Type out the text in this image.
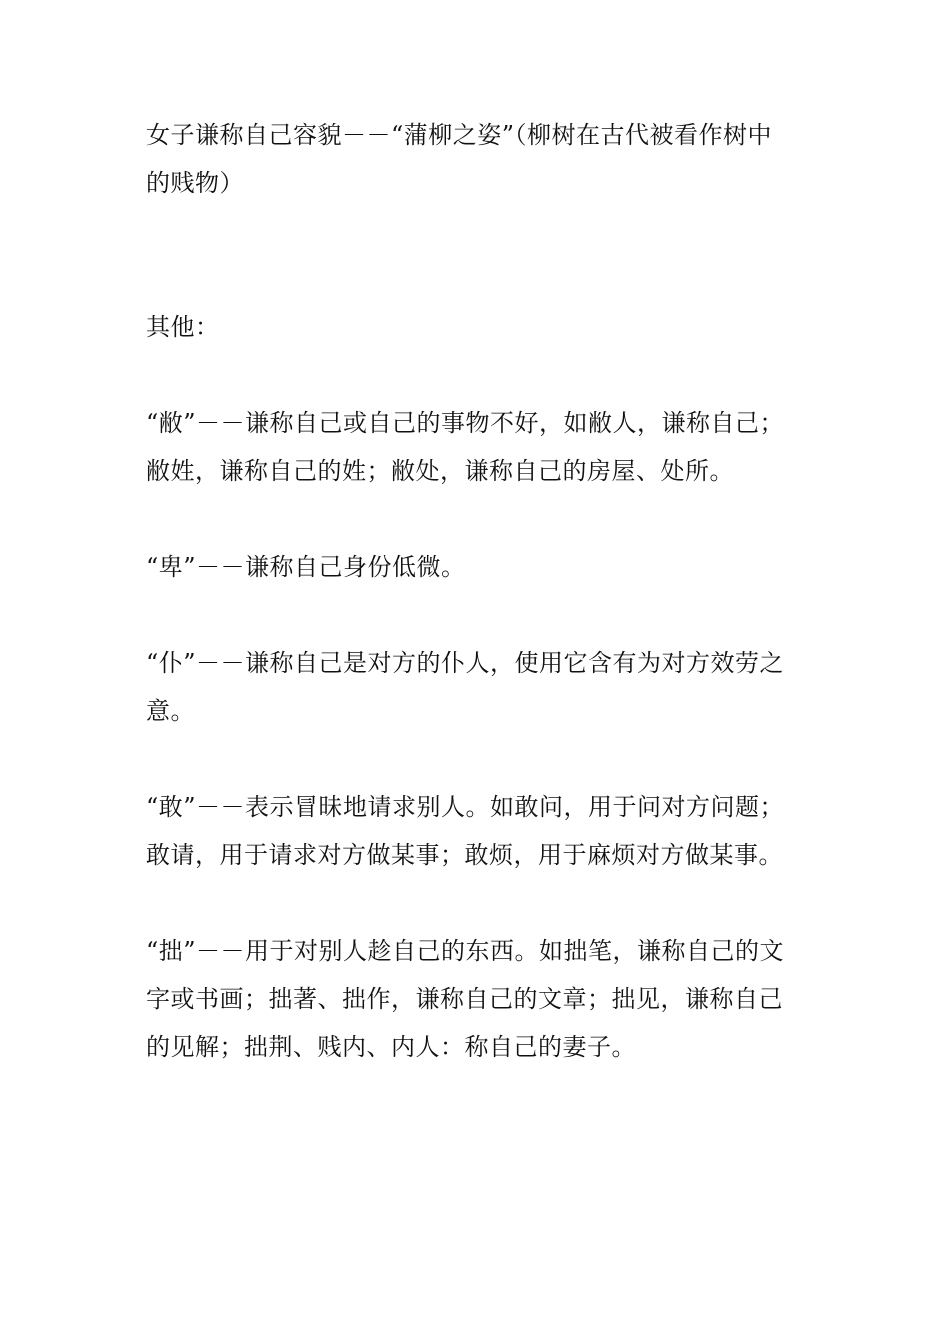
女子谦称自己容貌－－“蒲柳之姿”（柳树在古代被看作树中
的贱物）

其他：

“敝”－－谦称自己或自己的事物不好，如敝人，谦称自己；
敝姓，谦称自己的姓；敝处，谦称自己的房屋、处所。

“卑”－－谦称自己身份低微。

“仆”－－谦称自己是对方的仆人，使用它含有为对方效劳之
意。

“敢”－－表示冒昧地请求别人。如敢问，用于问对方问题；
敢请，用于请求对方做某事；敢烦，用于麻烦对方做某事。

“拙”－－用于对别人趁自己的东西。如拙笔，谦称自己的文
字或书画；拙著、拙作，谦称自己的文章；拙见，谦称自己
的见解；拙荆、贱内、内人：称自己的妻子。
